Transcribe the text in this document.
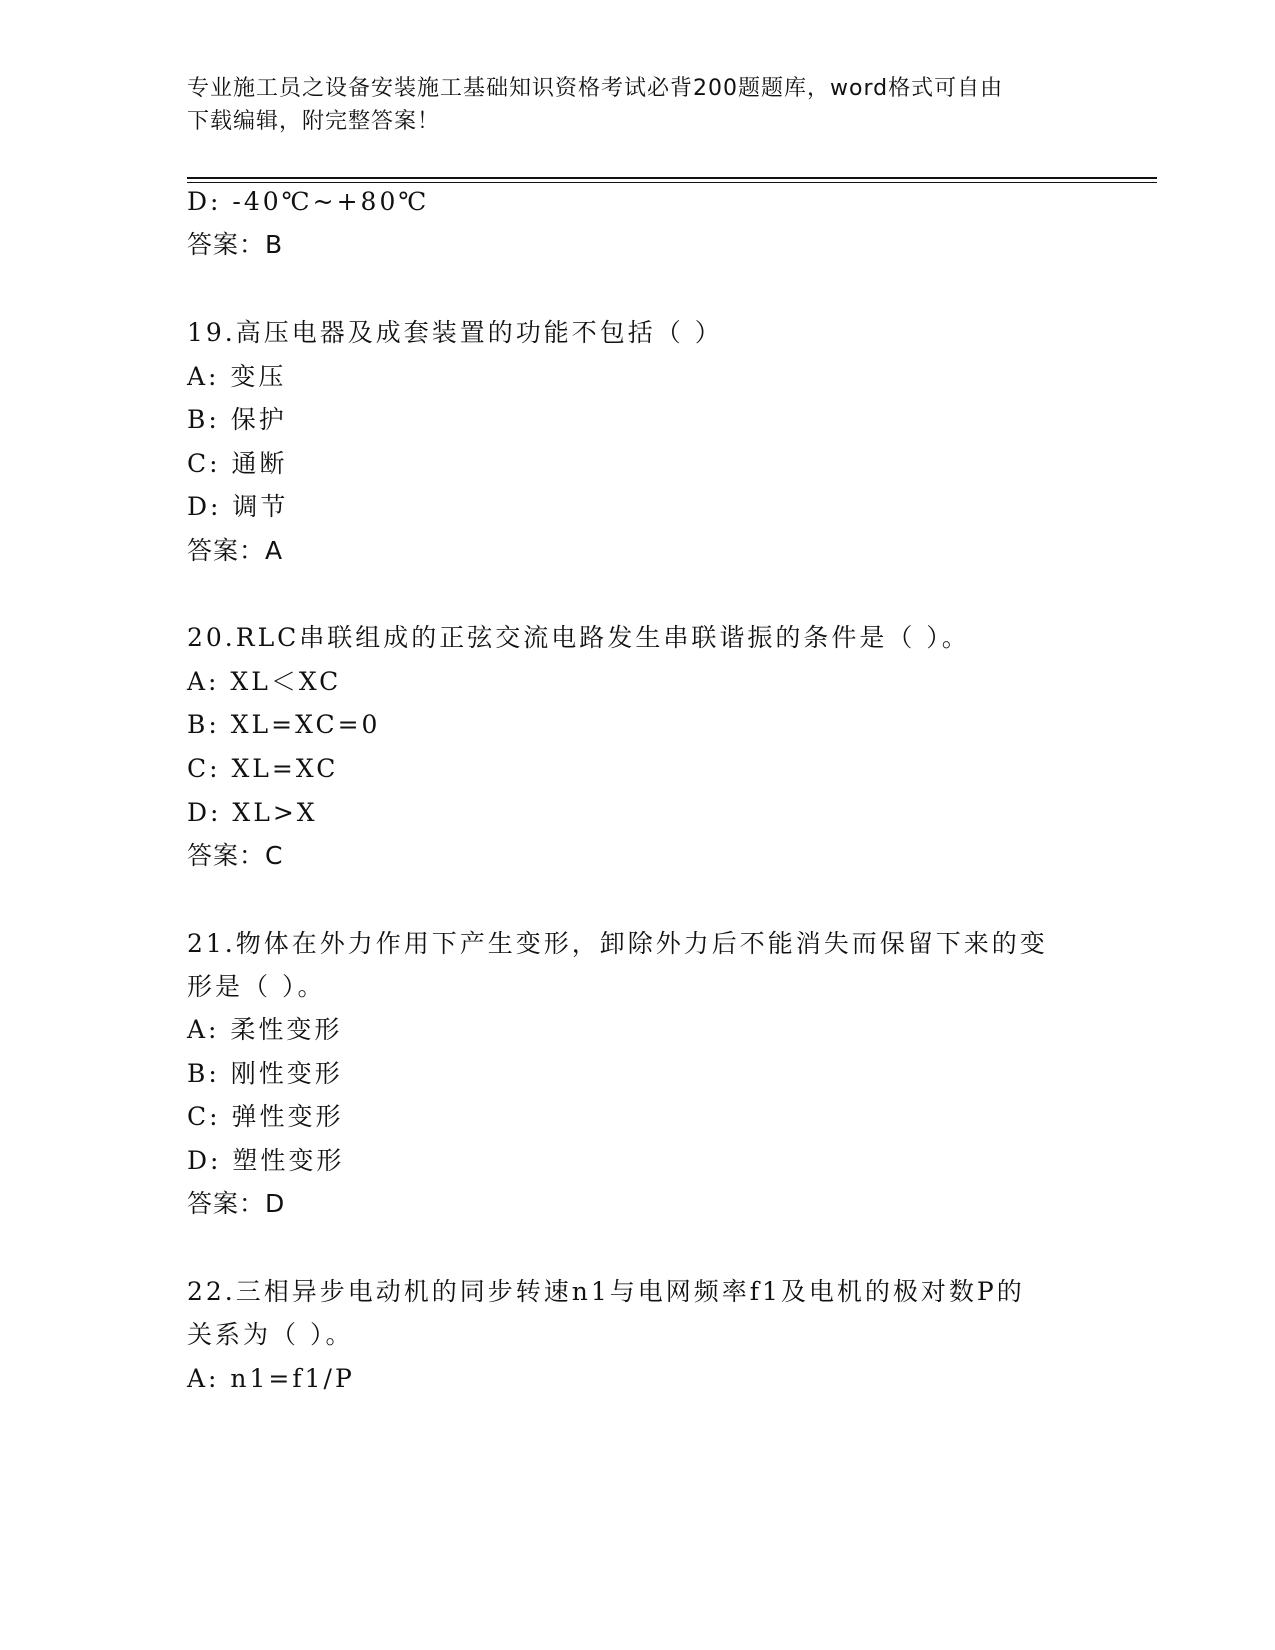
专业施工员之设备安装施工基础知识资格考试必背200题题库，word格式可自由
下载编辑，附完整答案！
D: -40℃~+80℃
答案：B
19.高压电器及成套装置的功能不包括（ ）
A: 变压
B: 保护
C: 通断
D: 调节
答案：A
20.RLC串联组成的正弦交流电路发生串联谐振的条件是（ ）。
A: XL＜XC
B: XL=XC=0
C: XL=XC
D: XL>X
答案：C
21.物体在外力作用下产生变形，卸除外力后不能消失而保留下来的变
形是（ ）。
A: 柔性变形
B: 刚性变形
C: 弹性变形
D: 塑性变形
答案：D
22.三相异步电动机的同步转速n1与电网频率f1及电机的极对数P的
关系为（ ）。
A: n1=f1/P
